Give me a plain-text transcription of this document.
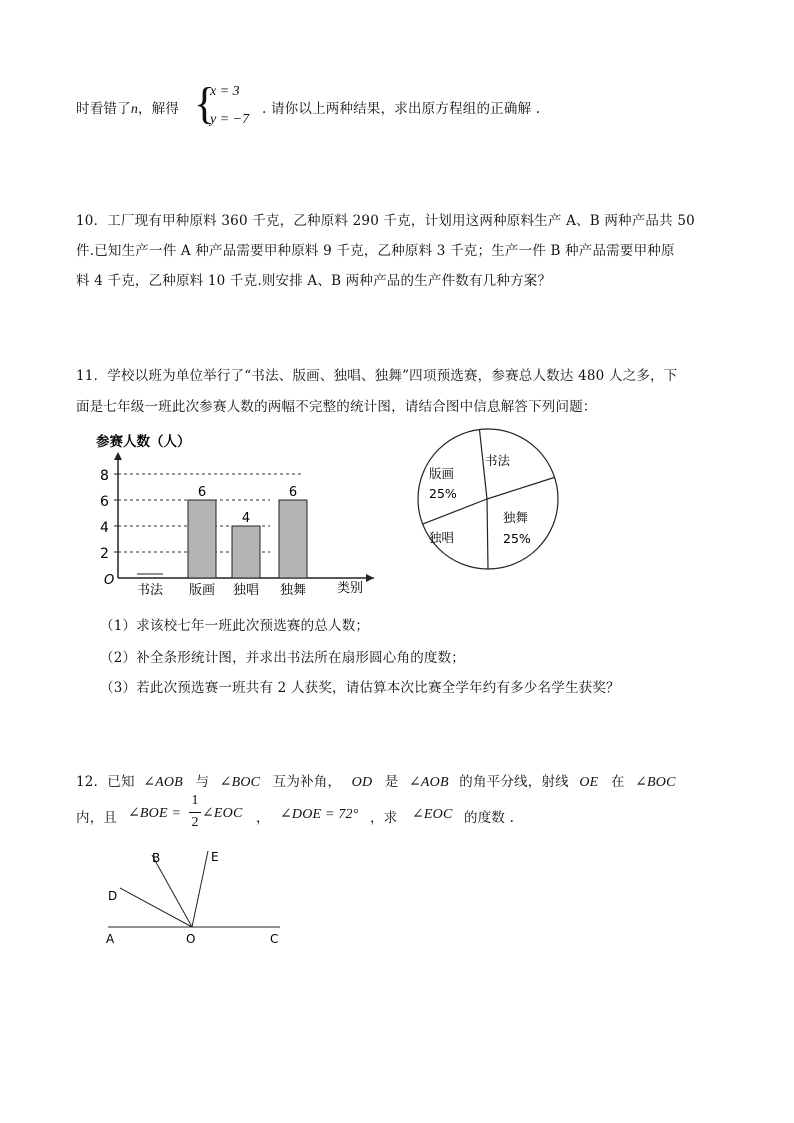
时看错了n，解得 {
x = 3
y = −7
. 请你以上两种结果，求出原方程组的正确解 .
10．工厂现有甲种原料 360 千克，乙种原料 290 千克，计划用这两种原料生产 A、B 两种产品共 50
件.已知生产一件 A 种产品需要甲种原料 9 千克，乙种原料 3 千克；生产一件 B 种产品需要甲种原
料 4 千克，乙种原料 10 千克.则安排 A、B 两种产品的生产件数有几种方案？
11．学校以班为单位举行了“书法、版画、独唱、独舞”四项预选赛，参赛总人数达 480 人之多，下
面是七年级一班此次参赛人数的两幅不完整的统计图，请结合图中信息解答下列问题：
参赛人数（人）
O
类别
2
4
6
8
书法 版画
6
独唱
4
独舞
6
书法
版画
25%
独唱
独舞
25%
（1）求该校七年一班此次预选赛的总人数；
（2）补全条形统计图，并求出书法所在扇形圆心角的度数；
（3）若此次预选赛一班共有 2 人获奖，请估算本次比赛全学年约有多少名学生获奖？
12．已知 ∠AOB 与 ∠BOC 互为补角， OD 是 ∠AOB 的角平分线，射线 OE 在 ∠BOC
内，且 ∠BOE =
1
2
∠EOC ， ∠DOE = 72° ，求 ∠EOC 的度数 .
B	E
D
A	O	C
